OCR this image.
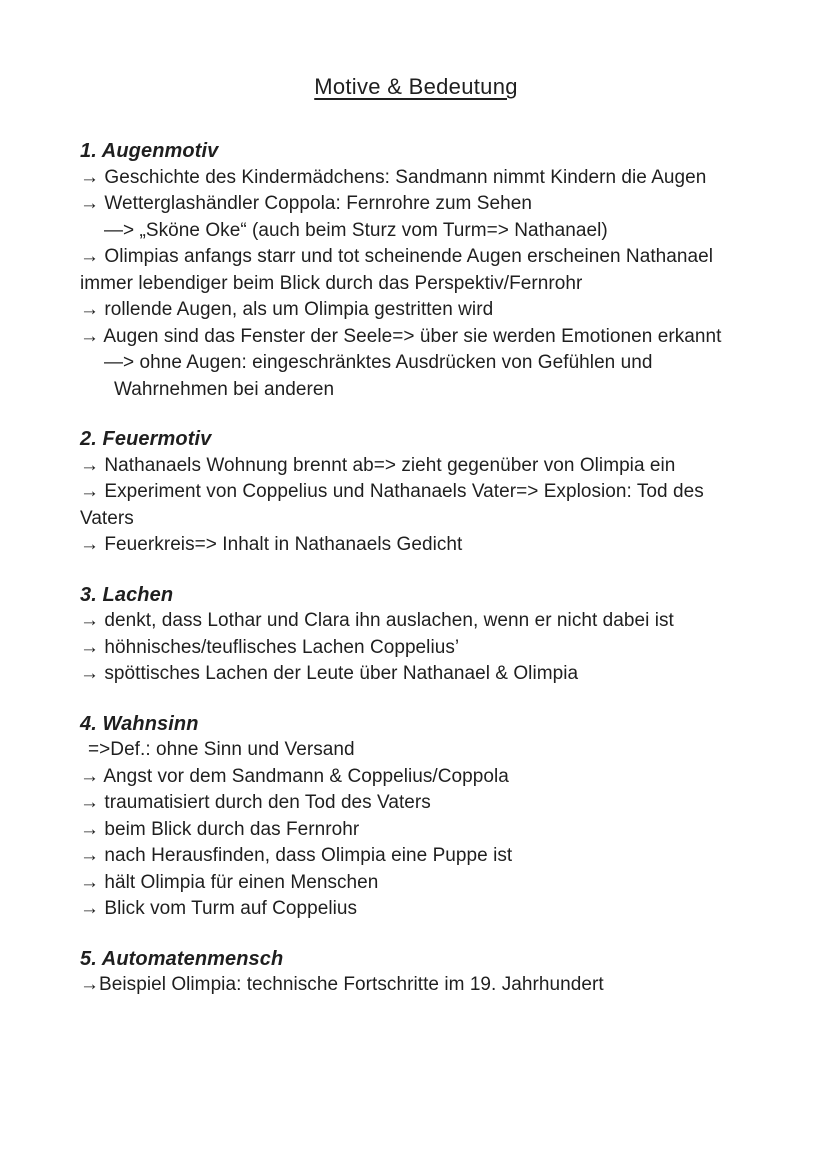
Motive & Bedeutung
1. Augenmotiv
→ Geschichte des Kindermädchens: Sandmann nimmt Kindern die Augen
→ Wetterglashändler Coppola: Fernrohre zum Sehen
—> „Sköne Oke“ (auch beim Sturz vom Turm=> Nathanael)
→ Olimpias anfangs starr und tot scheinende Augen erscheinen Nathanael
immer lebendiger beim Blick durch das Perspektiv/Fernrohr
→ rollende Augen, als um Olimpia gestritten wird
→ Augen sind das Fenster der Seele=> über sie werden Emotionen erkannt
—> ohne Augen: eingeschränktes Ausdrücken von Gefühlen und
Wahrnehmen bei anderen
2. Feuermotiv
→ Nathanaels Wohnung brennt ab=> zieht gegenüber von Olimpia ein
→ Experiment von Coppelius und Nathanaels Vater=> Explosion: Tod des
Vaters
→ Feuerkreis=> Inhalt in Nathanaels Gedicht
3. Lachen
→ denkt, dass Lothar und Clara ihn auslachen, wenn er nicht dabei ist
→ höhnisches/teuflisches Lachen Coppelius’
→ spöttisches Lachen der Leute über Nathanael & Olimpia
4. Wahnsinn
=>Def.: ohne Sinn und Versand
→ Angst vor dem Sandmann & Coppelius/Coppola
→ traumatisiert durch den Tod des Vaters
→ beim Blick durch das Fernrohr
→ nach Herausfinden, dass Olimpia eine Puppe ist
→ hält Olimpia für einen Menschen
→ Blick vom Turm auf Coppelius
5. Automatenmensch
→Beispiel Olimpia: technische Fortschritte im 19. Jahrhundert
